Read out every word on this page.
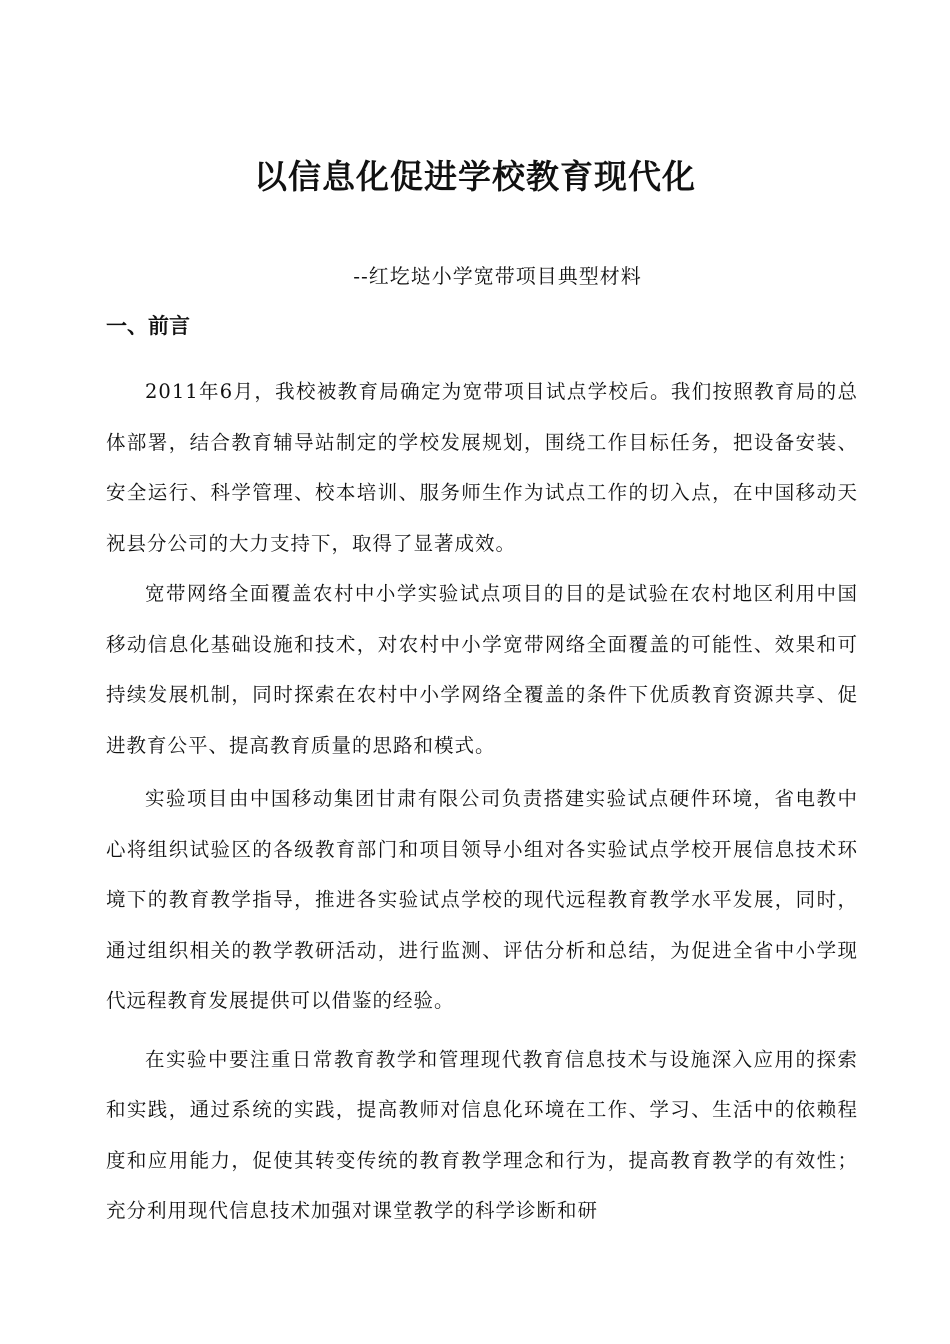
以信息化促进学校教育现代化

--红圪垯小学宽带项目典型材料

一、前言

2011年6月，我校被教育局确定为宽带项目试点学校后。我们按照教育局的总体部署，结合教育辅导站制定的学校发展规划，围绕工作目标任务，把设备安装、安全运行、科学管理、校本培训、服务师生作为试点工作的切入点，在中国移动天祝县分公司的大力支持下，取得了显著成效。

宽带网络全面覆盖农村中小学实验试点项目的目的是试验在农村地区利用中国移动信息化基础设施和技术，对农村中小学宽带网络全面覆盖的可能性、效果和可持续发展机制，同时探索在农村中小学网络全覆盖的条件下优质教育资源共享、促进教育公平、提高教育质量的思路和模式。

实验项目由中国移动集团甘肃有限公司负责搭建实验试点硬件环境，省电教中心将组织试验区的各级教育部门和项目领导小组对各实验试点学校开展信息技术环境下的教育教学指导，推进各实验试点学校的现代远程教育教学水平发展，同时，通过组织相关的教学教研活动，进行监测、评估分析和总结，为促进全省中小学现代远程教育发展提供可以借鉴的经验。

在实验中要注重日常教育教学和管理现代教育信息技术与设施深入应用的探索和实践，通过系统的实践，提高教师对信息化环境在工作、学习、生活中的依赖程度和应用能力，促使其转变传统的教育教学理念和行为，提高教育教学的有效性；充分利用现代信息技术加强对课堂教学的科学诊断和研
